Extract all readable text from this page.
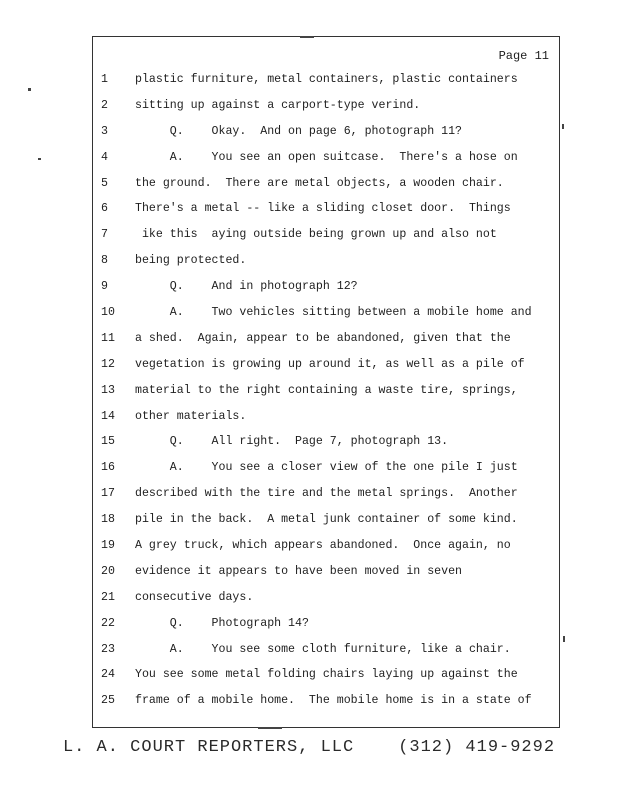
Page 11
1	plastic furniture, metal containers, plastic containers
2	sitting up against a carport-type verind.
3	Q.    Okay.  And on page 6, photograph 11?
4	A.    You see an open suitcase.  There's a hose on
5	the ground.  There are metal objects, a wooden chair.
6	There's a metal -- like a sliding closet door.  Things
7	ike this  aying outside being grown up and also not
8	being protected.
9	Q.    And in photograph 12?
10	A.    Two vehicles sitting between a mobile home and
11	a shed.  Again, appear to be abandoned, given that the
12	vegetation is growing up around it, as well as a pile of
13	material to the right containing a waste tire, springs,
14	other materials.
15	Q.    All right.  Page 7, photograph 13.
16	A.    You see a closer view of the one pile I just
17	described with the tire and the metal springs.  Another
18	pile in the back.  A metal junk container of some kind.
19	A grey truck, which appears abandoned.  Once again, no
20	evidence it appears to have been moved in seven
21	consecutive days.
22	Q.    Photograph 14?
23	A.    You see some cloth furniture, like a chair.
24	You see some metal folding chairs laying up against the
25	frame of a mobile home.  The mobile home is in a state of
L. A. COURT REPORTERS, LLC	(312) 419-9292
